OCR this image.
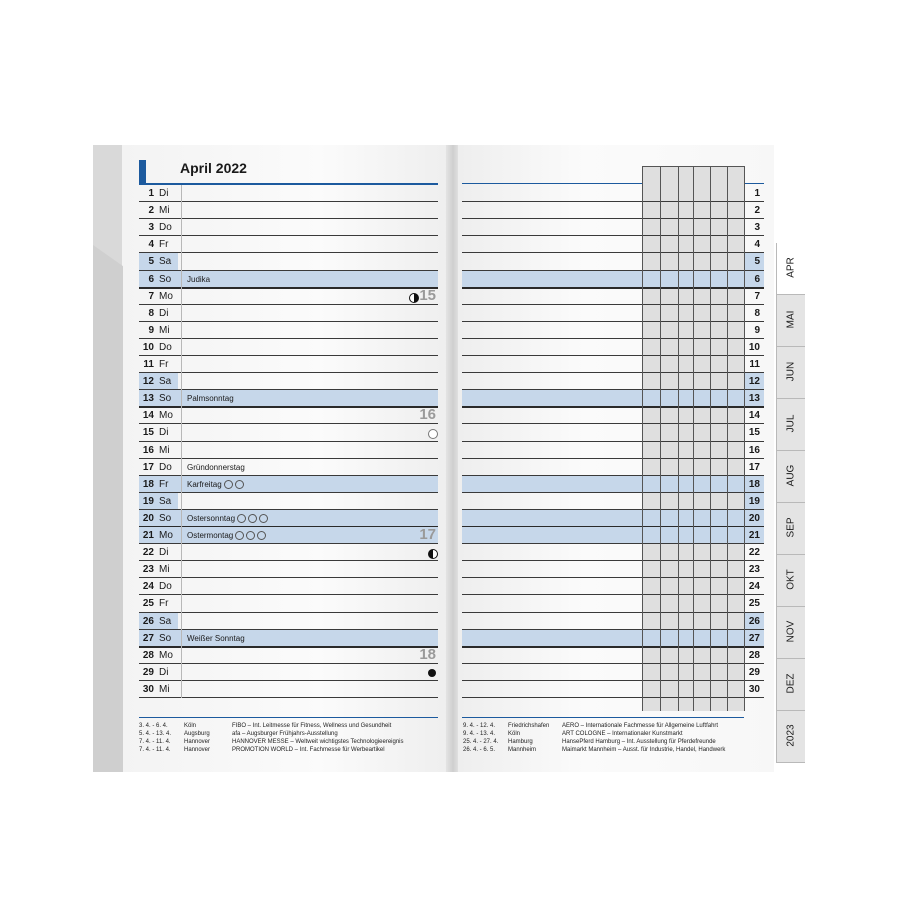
April 2022
1 Di	1
2 Mi	2
3 Do	3
4 Fr	4
5 Sa	5
6 So Judika	6
7 Mo	7
8 Di	8
9 Mi	9
10 Do	10
11 Fr	11
12 Sa	12
13 So Palmsonntag	13
14 Mo	14
15 Di	15
16 Mi	16
17 Do Gründonnerstag	17
18 Fr Karfreitag	18
19 Sa	19
20 So Ostersonntag	20
21 Mo Ostermontag	21
22 Di	22
23 Mi	23
24 Do	24
25 Fr	25
26 Sa	26
27 So Weißer Sonntag	27
28 Mo	28
29 Di	29
30 Mi	30
15
16
17
18
APR
MAI
JUN
JUL
AUG
SEP
OKT
NOV
DEZ
2023
3. 4. - 6. 4.	Köln	FIBO – Int. Leitmesse für Fitness, Wellness und Gesundheit
5. 4. - 13. 4. Augsburg	afa – Augsburger Frühjahrs-Ausstellung
7. 4. - 11. 4. Hannover	HANNOVER MESSE – Weltweit wichtigstes Technologieereignis
7. 4. - 11. 4. Hannover	PROMOTION WORLD – Int. Fachmesse für Werbeartikel
9. 4. - 12. 4. Friedrichshafen AERO – Internationale Fachmesse für Allgemeine Luftfahrt
9. 4. - 13. 4. Köln	ART COLOGNE – Internationaler Kunstmarkt
25. 4. - 27. 4. Hamburg	HansePferd Hamburg – Int. Ausstellung für Pferdefreunde
26. 4. - 6. 5. Mannheim	Maimarkt Mannheim – Ausst. für Industrie, Handel, Handwerk
